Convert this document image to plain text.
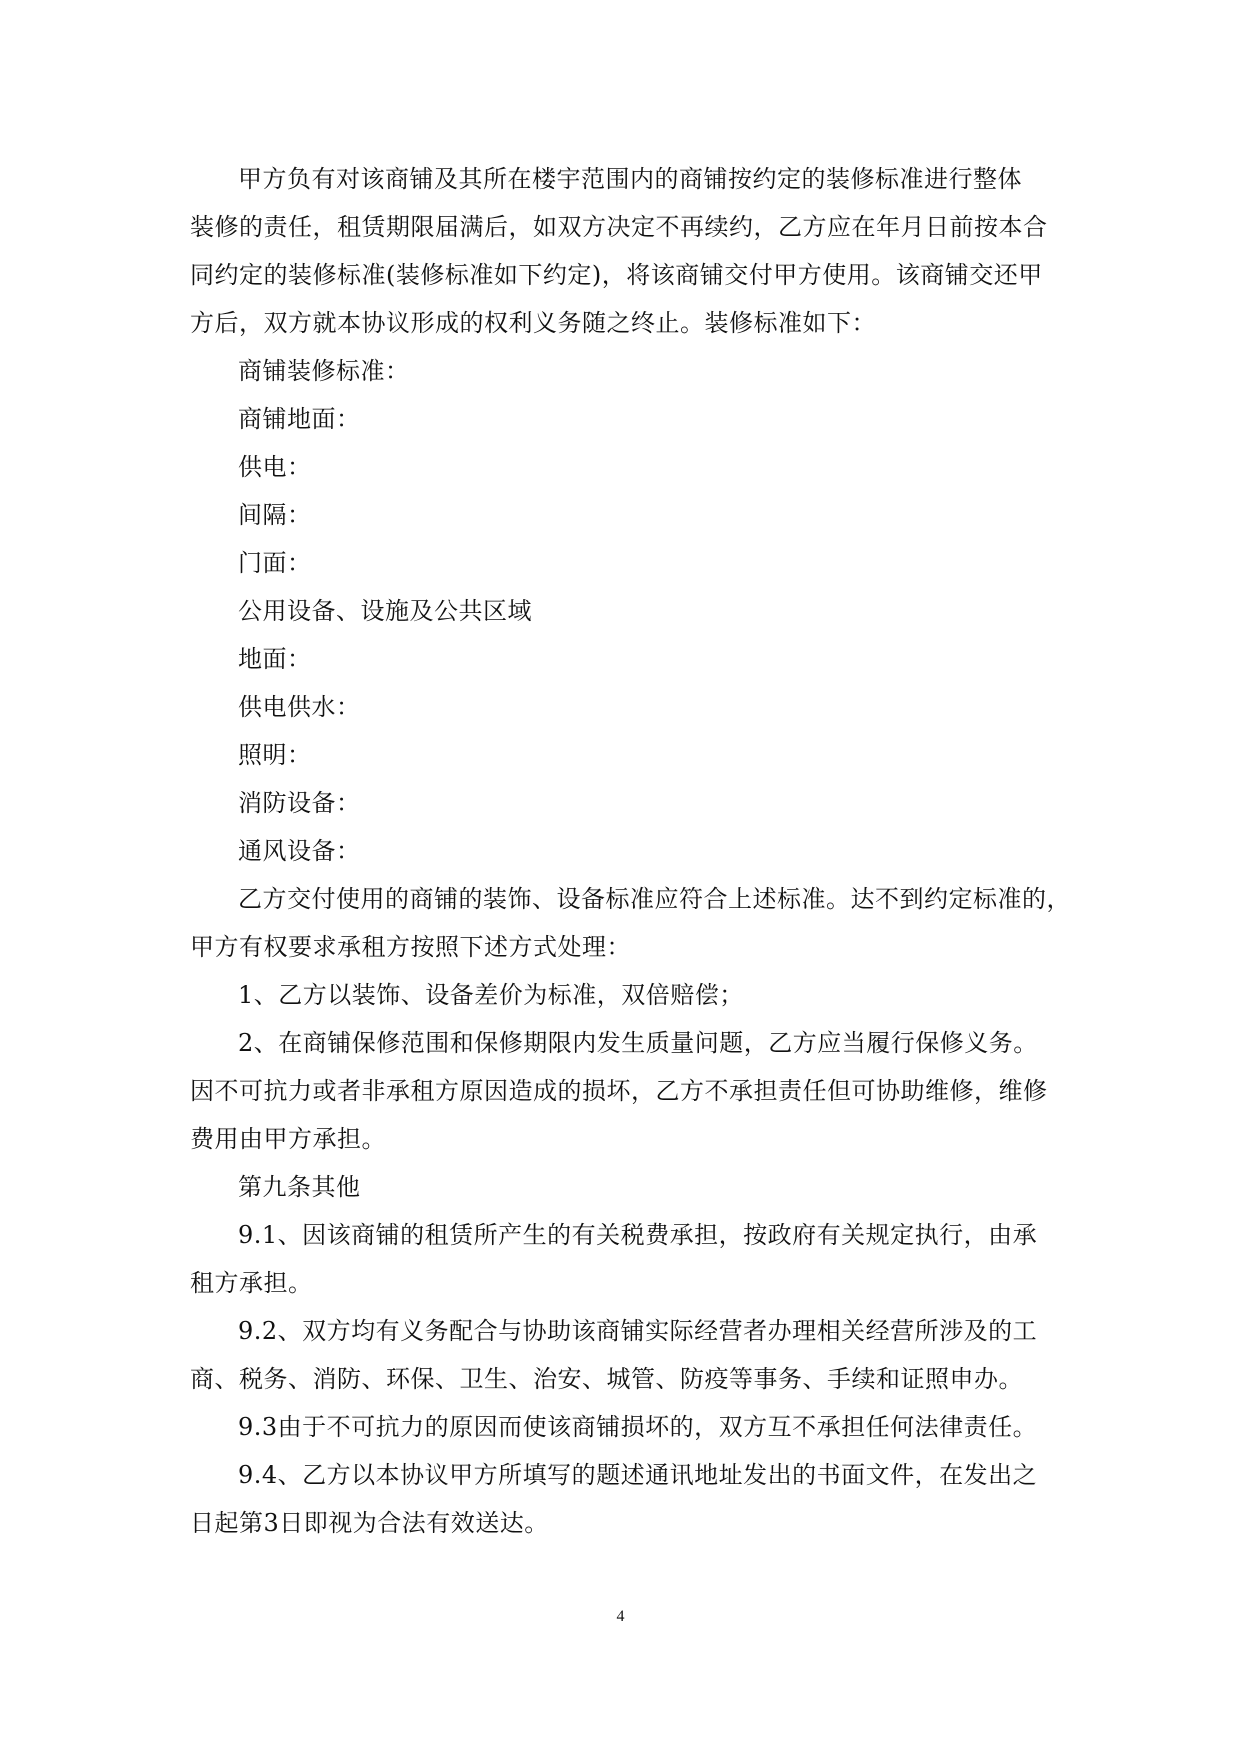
甲方负有对该商铺及其所在楼宇范围内的商铺按约定的装修标准进行整体
装修的责任，租赁期限届满后，如双方决定不再续约，乙方应在年月日前按本合
同约定的装修标准(装修标准如下约定)，将该商铺交付甲方使用。该商铺交还甲
方后，双方就本协议形成的权利义务随之终止。装修标准如下：
商铺装修标准：
商铺地面：
供电：
间隔：
门面：
公用设备、设施及公共区域
地面：
供电供水：
照明：
消防设备：
通风设备：
乙方交付使用的商铺的装饰、设备标准应符合上述标准。达不到约定标准的，
甲方有权要求承租方按照下述方式处理：
1、乙方以装饰、设备差价为标准，双倍赔偿；
2、在商铺保修范围和保修期限内发生质量问题，乙方应当履行保修义务。
因不可抗力或者非承租方原因造成的损坏，乙方不承担责任但可协助维修，维修
费用由甲方承担。
第九条其他
9.1、因该商铺的租赁所产生的有关税费承担，按政府有关规定执行，由承
租方承担。
9.2、双方均有义务配合与协助该商铺实际经营者办理相关经营所涉及的工
商、税务、消防、环保、卫生、治安、城管、防疫等事务、手续和证照申办。
9.3由于不可抗力的原因而使该商铺损坏的，双方互不承担任何法律责任。
9.4、乙方以本协议甲方所填写的题述通讯地址发出的书面文件，在发出之
日起第3日即视为合法有效送达。
4
